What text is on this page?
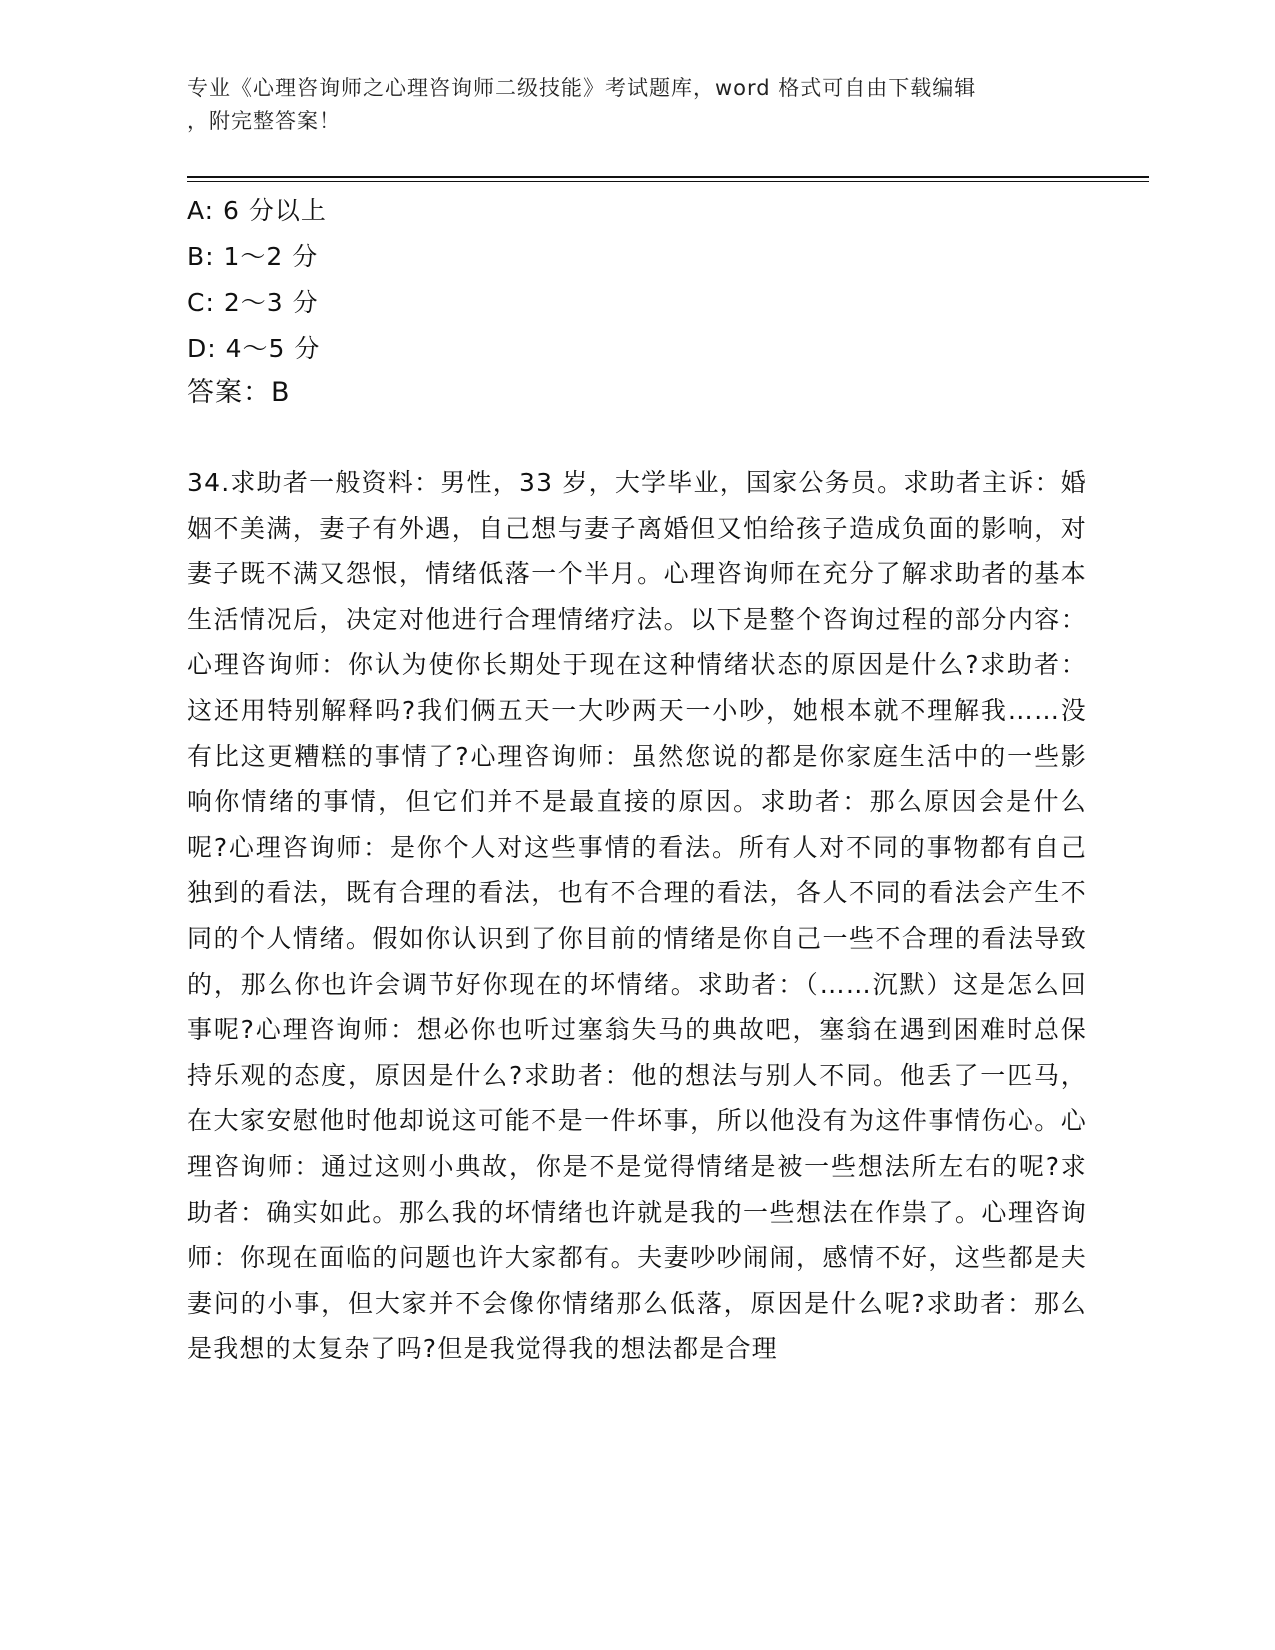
专业《心理咨询师之心理咨询师二级技能》考试题库，word 格式可自由下载编辑
，附完整答案！
A: 6 分以上
B: 1～2 分
C: 2～3 分
D: 4～5 分
答案：B
34.求助者一般资料：男性，33 岁，大学毕业，国家公务员。求助者主诉：婚姻不美满，妻子有外遇，自己想与妻子离婚但又怕给孩子造成负面的影响，对妻子既不满又怨恨，情绪低落一个半月。心理咨询师在充分了解求助者的基本生活情况后，决定对他进行合理情绪疗法。以下是整个咨询过程的部分内容：心理咨询师：你认为使你长期处于现在这种情绪状态的原因是什么?求助者：这还用特别解释吗?我们俩五天一大吵两天一小吵，她根本就不理解我……没有比这更糟糕的事情了?心理咨询师：虽然您说的都是你家庭生活中的一些影响你情绪的事情，但它们并不是最直接的原因。求助者：那么原因会是什么呢?心理咨询师：是你个人对这些事情的看法。所有人对不同的事物都有自己独到的看法，既有合理的看法，也有不合理的看法，各人不同的看法会产生不同的个人情绪。假如你认识到了你目前的情绪是你自己一些不合理的看法导致的，那么你也许会调节好你现在的坏情绪。求助者：（……沉默）这是怎么回事呢?心理咨询师：想必你也听过塞翁失马的典故吧，塞翁在遇到困难时总保持乐观的态度，原因是什么?求助者：他的想法与别人不同。他丢了一匹马，在大家安慰他时他却说这可能不是一件坏事，所以他没有为这件事情伤心。心理咨询师：通过这则小典故，你是不是觉得情绪是被一些想法所左右的呢?求助者：确实如此。那么我的坏情绪也许就是我的一些想法在作祟了。心理咨询师：你现在面临的问题也许大家都有。夫妻吵吵闹闹，感情不好，这些都是夫妻问的小事，但大家并不会像你情绪那么低落，原因是什么呢?求助者：那么是我想的太复杂了吗?但是我觉得我的想法都是合理
